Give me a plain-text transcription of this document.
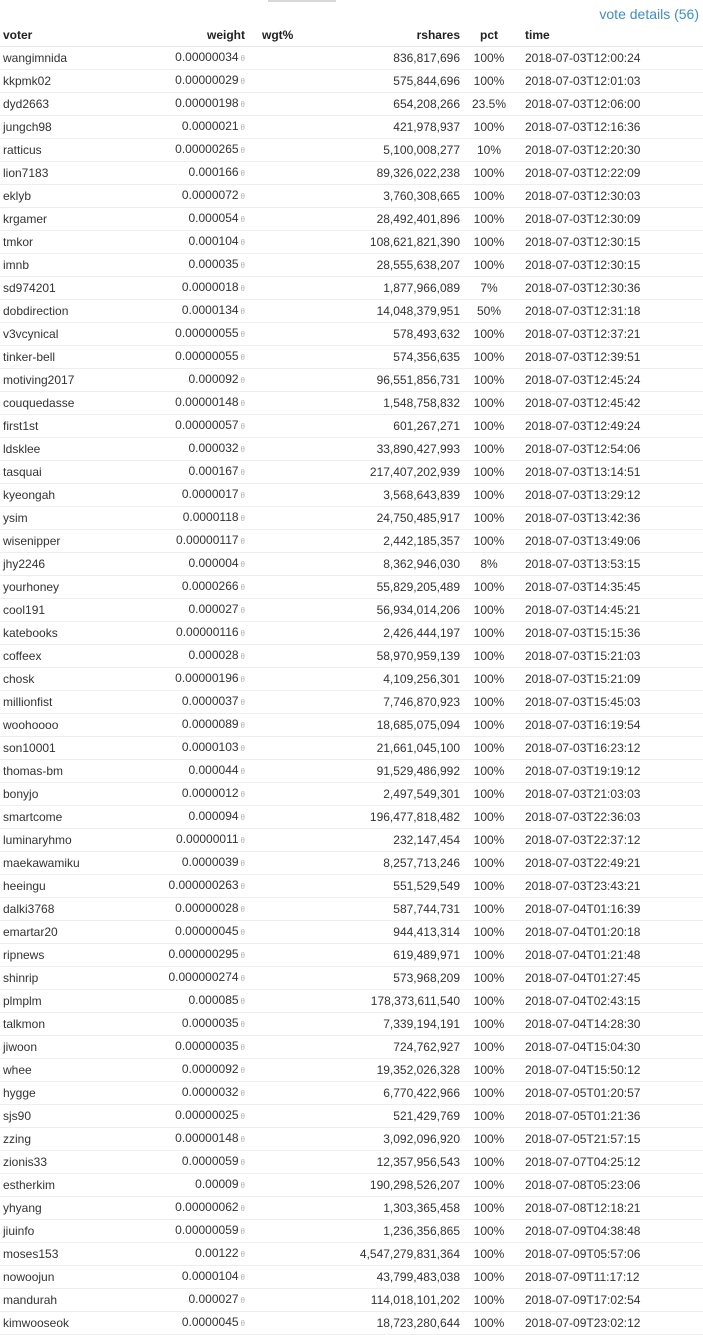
vote details (56)
voter	weight	wgt%	rshares	pct	time
wangimnida	0.00000034 θ		836,817,696	100%	2018-07-03T12:00:24
kkpmk02	0.00000029 θ		575,844,696	100%	2018-07-03T12:01:03
dyd2663	0.00000198 θ		654,208,266	23.5%	2018-07-03T12:06:00
jungch98	0.0000021 θ		421,978,937	100%	2018-07-03T12:16:36
ratticus	0.00000265 θ		5,100,008,277	10%	2018-07-03T12:20:30
lion7183	0.000166 θ		89,326,022,238	100%	2018-07-03T12:22:09
eklyb	0.0000072 θ		3,760,308,665	100%	2018-07-03T12:30:03
krgamer	0.000054 θ		28,492,401,896	100%	2018-07-03T12:30:09
tmkor	0.000104 θ		108,621,821,390	100%	2018-07-03T12:30:15
imnb	0.000035 θ		28,555,638,207	100%	2018-07-03T12:30:15
sd974201	0.0000018 θ		1,877,966,089	7%	2018-07-03T12:30:36
dobdirection	0.0000134 θ		14,048,379,951	50%	2018-07-03T12:31:18
v3vcynical	0.00000055 θ		578,493,632	100%	2018-07-03T12:37:21
tinker-bell	0.00000055 θ		574,356,635	100%	2018-07-03T12:39:51
motiving2017	0.000092 θ		96,551,856,731	100%	2018-07-03T12:45:24
couquedasse	0.00000148 θ		1,548,758,832	100%	2018-07-03T12:45:42
first1st	0.00000057 θ		601,267,271	100%	2018-07-03T12:49:24
ldsklee	0.000032 θ		33,890,427,993	100%	2018-07-03T12:54:06
tasquai	0.000167 θ		217,407,202,939	100%	2018-07-03T13:14:51
kyeongah	0.0000017 θ		3,568,643,839	100%	2018-07-03T13:29:12
ysim	0.0000118 θ		24,750,485,917	100%	2018-07-03T13:42:36
wisenipper	0.00000117 θ		2,442,185,357	100%	2018-07-03T13:49:06
jhy2246	0.000004 θ		8,362,946,030	8%	2018-07-03T13:53:15
yourhoney	0.0000266 θ		55,829,205,489	100%	2018-07-03T14:35:45
cool191	0.000027 θ		56,934,014,206	100%	2018-07-03T14:45:21
katebooks	0.00000116 θ		2,426,444,197	100%	2018-07-03T15:15:36
coffeex	0.000028 θ		58,970,959,139	100%	2018-07-03T15:21:03
chosk	0.00000196 θ		4,109,256,301	100%	2018-07-03T15:21:09
millionfist	0.0000037 θ		7,746,870,923	100%	2018-07-03T15:45:03
woohoooo	0.0000089 θ		18,685,075,094	100%	2018-07-03T16:19:54
son10001	0.0000103 θ		21,661,045,100	100%	2018-07-03T16:23:12
thomas-bm	0.000044 θ		91,529,486,992	100%	2018-07-03T19:19:12
bonyjo	0.0000012 θ		2,497,549,301	100%	2018-07-03T21:03:03
smartcome	0.000094 θ		196,477,818,482	100%	2018-07-03T22:36:03
luminaryhmo	0.00000011 θ		232,147,454	100%	2018-07-03T22:37:12
maekawamiku	0.0000039 θ		8,257,713,246	100%	2018-07-03T22:49:21
heeingu	0.000000263 θ		551,529,549	100%	2018-07-03T23:43:21
dalki3768	0.00000028 θ		587,744,731	100%	2018-07-04T01:16:39
emartar20	0.00000045 θ		944,413,314	100%	2018-07-04T01:20:18
ripnews	0.000000295 θ		619,489,971	100%	2018-07-04T01:21:48
shinrip	0.000000274 θ		573,968,209	100%	2018-07-04T01:27:45
plmplm	0.000085 θ		178,373,611,540	100%	2018-07-04T02:43:15
talkmon	0.0000035 θ		7,339,194,191	100%	2018-07-04T14:28:30
jiwoon	0.00000035 θ		724,762,927	100%	2018-07-04T15:04:30
whee	0.0000092 θ		19,352,026,328	100%	2018-07-04T15:50:12
hygge	0.0000032 θ		6,770,422,966	100%	2018-07-05T01:20:57
sjs90	0.00000025 θ		521,429,769	100%	2018-07-05T01:21:36
zzing	0.00000148 θ		3,092,096,920	100%	2018-07-05T21:57:15
zionis33	0.0000059 θ		12,357,956,543	100%	2018-07-07T04:25:12
estherkim	0.00009 θ		190,298,526,207	100%	2018-07-08T05:23:06
yhyang	0.00000062 θ		1,303,365,458	100%	2018-07-08T12:18:21
jiuinfo	0.00000059 θ		1,236,356,865	100%	2018-07-09T04:38:48
moses153	0.00122 θ		4,547,279,831,364	100%	2018-07-09T05:57:06
nowoojun	0.0000104 θ		43,799,483,038	100%	2018-07-09T11:17:12
mandurah	0.000027 θ		114,018,101,202	100%	2018-07-09T17:02:54
kimwooseok	0.0000045 θ		18,723,280,644	100%	2018-07-09T23:02:12
